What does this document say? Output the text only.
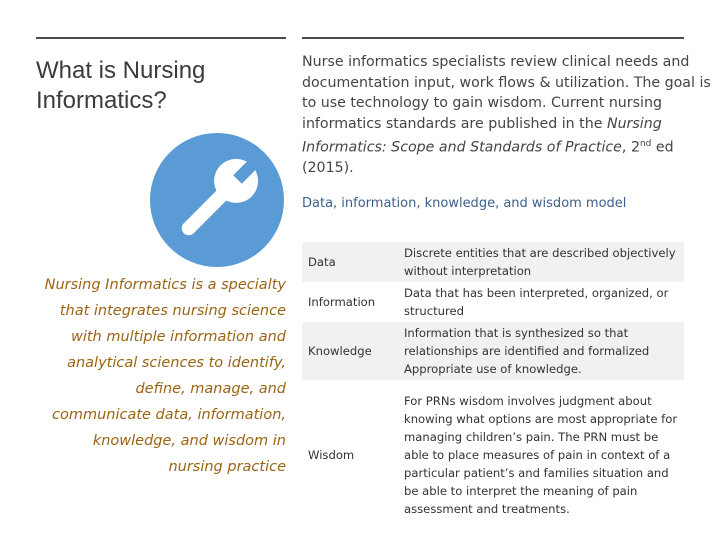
What is Nursing Informatics?
Nursing Informatics is a specialty that integrates nursing science with multiple information and analytical sciences to identify, define, manage, and communicate data, information, knowledge, and wisdom in nursing practice
Nurse informatics specialists review clinical needs and documentation input, work flows & utilization. The goal is to use technology to gain wisdom. Current nursing informatics standards are published in the Nursing Informatics: Scope and Standards of Practice, 2nd ed (2015).
Data, information, knowledge, and wisdom model
Data	Discrete entities that are described objectively without interpretation
Information	Data that has been interpreted, organized, or structured
Knowledge	Information that is synthesized so that relationships are identified and formalized Appropriate use of knowledge.
Wisdom	For PRNs wisdom involves judgment about knowing what options are most appropriate for managing children’s pain. The PRN must be able to place measures of pain in context of a particular patient’s and families situation and be able to interpret the meaning of pain assessment and treatments.
